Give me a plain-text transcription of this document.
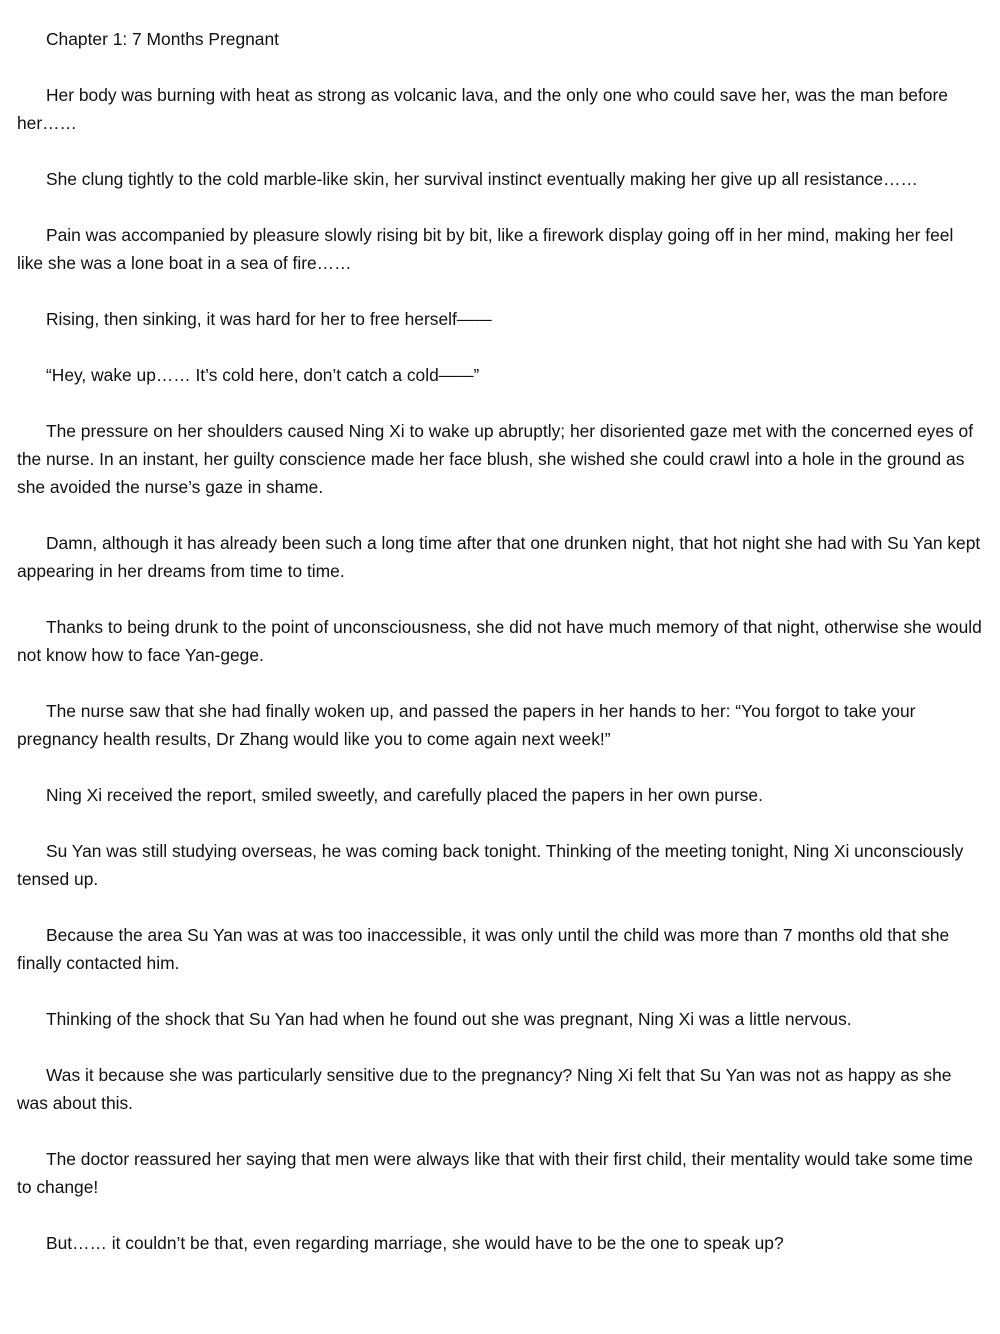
Chapter 1: 7 Months Pregnant

Her body was burning with heat as strong as volcanic lava, and the only one who could save her, was the man before her……

She clung tightly to the cold marble-like skin, her survival instinct eventually making her give up all resistance……

Pain was accompanied by pleasure slowly rising bit by bit, like a firework display going off in her mind, making her feel like she was a lone boat in a sea of fire……

Rising, then sinking, it was hard for her to free herself——

“Hey, wake up…… It’s cold here, don’t catch a cold——”

The pressure on her shoulders caused Ning Xi to wake up abruptly; her disoriented gaze met with the concerned eyes of the nurse. In an instant, her guilty conscience made her face blush, she wished she could crawl into a hole in the ground as she avoided the nurse’s gaze in shame.

Damn, although it has already been such a long time after that one drunken night, that hot night she had with Su Yan kept appearing in her dreams from time to time.

Thanks to being drunk to the point of unconsciousness, she did not have much memory of that night, otherwise she would not know how to face Yan-gege.

The nurse saw that she had finally woken up, and passed the papers in her hands to her: “You forgot to take your pregnancy health results, Dr Zhang would like you to come again next week!”

Ning Xi received the report, smiled sweetly, and carefully placed the papers in her own purse.

Su Yan was still studying overseas, he was coming back tonight. Thinking of the meeting tonight, Ning Xi unconsciously tensed up.

Because the area Su Yan was at was too inaccessible, it was only until the child was more than 7 months old that she finally contacted him.

Thinking of the shock that Su Yan had when he found out she was pregnant, Ning Xi was a little nervous.

Was it because she was particularly sensitive due to the pregnancy? Ning Xi felt that Su Yan was not as happy as she was about this.

The doctor reassured her saying that men were always like that with their first child, their mentality would take some time to change!

But…… it couldn’t be that, even regarding marriage, she would have to be the one to speak up?
